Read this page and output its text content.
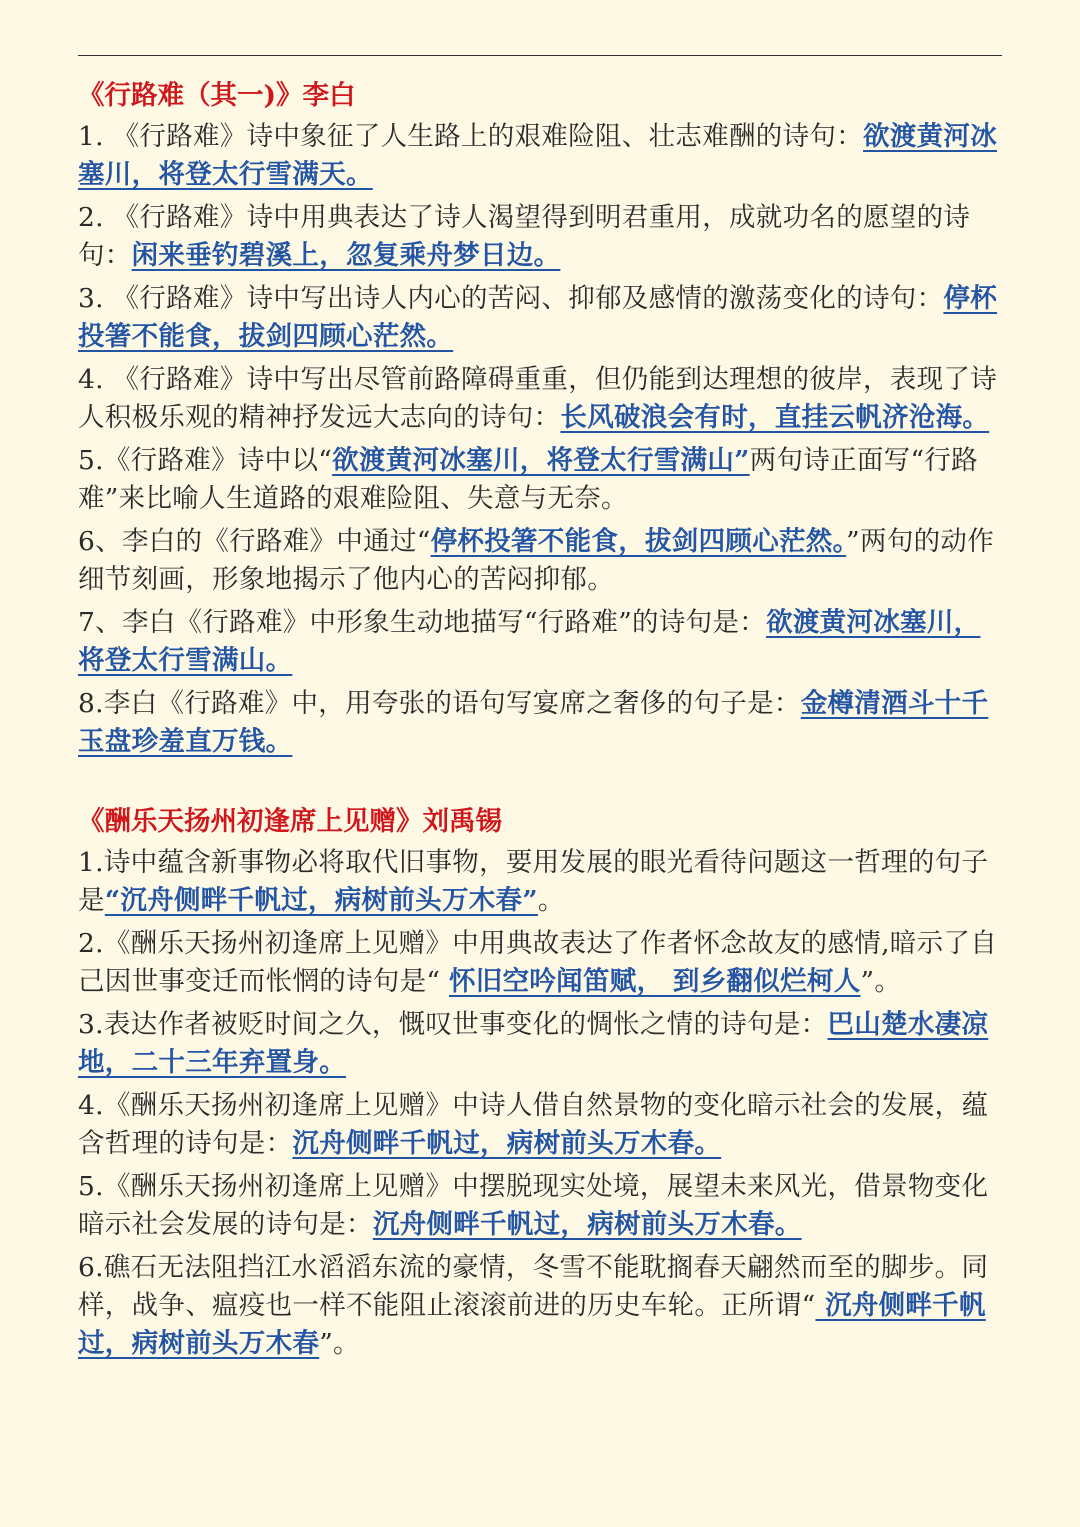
《行路难（其一)》李白

1. 《行路难》诗中象征了人生路上的艰难险阻、壮志难酬的诗句：欲渡黄河冰塞川，将登太行雪满天。

2. 《行路难》诗中用典表达了诗人渴望得到明君重用，成就功名的愿望的诗句：闲来垂钓碧溪上，忽复乘舟梦日边。

3. 《行路难》诗中写出诗人内心的苦闷、抑郁及感情的激荡变化的诗句：停杯投箸不能食，拔剑四顾心茫然。

4. 《行路难》诗中写出尽管前路障碍重重，但仍能到达理想的彼岸，表现了诗人积极乐观的精神抒发远大志向的诗句：长风破浪会有时，直挂云帆济沧海。

5.《行路难》诗中以“欲渡黄河冰塞川，将登太行雪满山”两句诗正面写“行路难”来比喻人生道路的艰难险阻、失意与无奈。

6、李白的《行路难》中通过“停杯投箸不能食，拔剑四顾心茫然。”两句的动作细节刻画，形象地揭示了他内心的苦闷抑郁。

7、李白《行路难》中形象生动地描写“行路难”的诗句是：欲渡黄河冰塞川，将登太行雪满山。

8.李白《行路难》中，用夸张的语句写宴席之奢侈的句子是：金樽清酒斗十千 玉盘珍羞直万钱。

《酬乐天扬州初逢席上见赠》刘禹锡

1.诗中蕴含新事物必将取代旧事物，要用发展的眼光看待问题这一哲理的句子是“沉舟侧畔千帆过，病树前头万木春”。

2.《酬乐天扬州初逢席上见赠》中用典故表达了作者怀念故友的感情,暗示了自己因世事变迁而怅惘的诗句是“ 怀旧空吟闻笛赋， 到乡翻似烂柯人”。

3.表达作者被贬时间之久，慨叹世事变化的惆怅之情的诗句是：巴山楚水凄凉地，二十三年弃置身。

4.《酬乐天扬州初逢席上见赠》中诗人借自然景物的变化暗示社会的发展，蕴含哲理的诗句是：沉舟侧畔千帆过，病树前头万木春。

5.《酬乐天扬州初逢席上见赠》中摆脱现实处境，展望未来风光，借景物变化暗示社会发展的诗句是：沉舟侧畔千帆过，病树前头万木春。

6.礁石无法阻挡江水滔滔东流的豪情，冬雪不能耽搁春天翩然而至的脚步。同样，战争、瘟疫也一样不能阻止滚滚前进的历史车轮。正所谓“ 沉舟侧畔千帆过，病树前头万木春”。
